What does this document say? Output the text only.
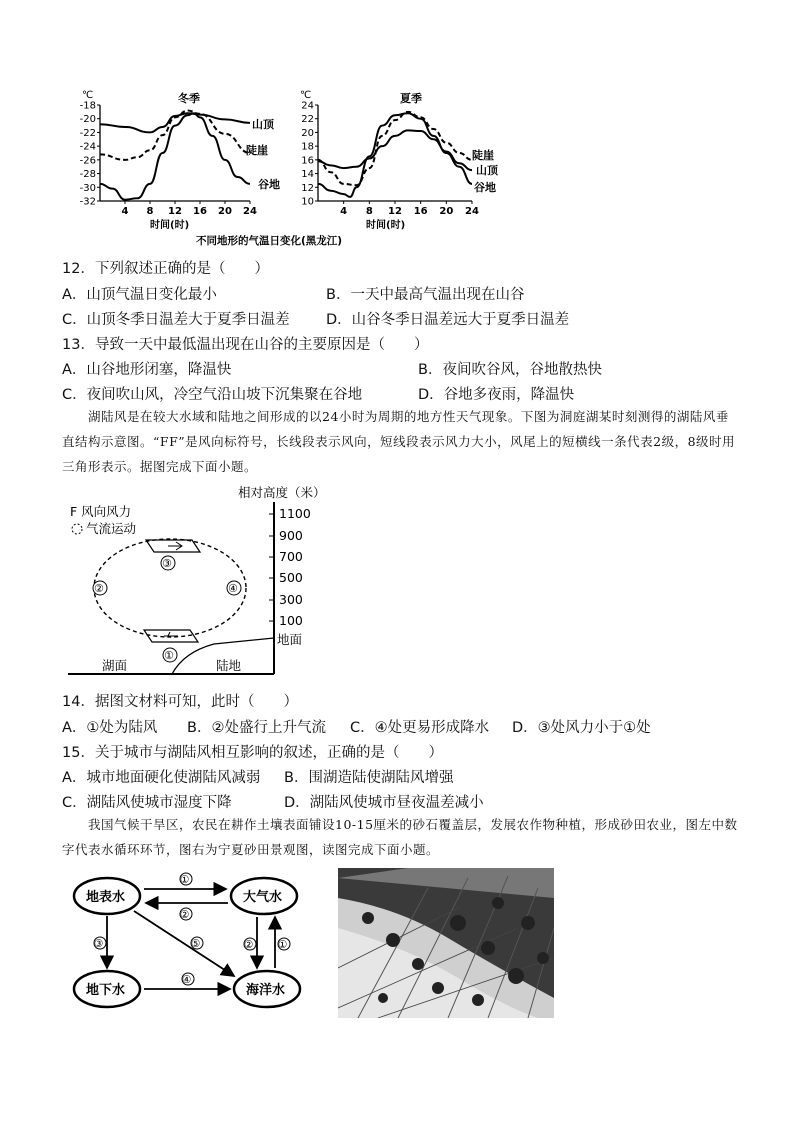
℃	冬季
-18
-20
-22
-24
-26
-28
-30
-32
4 8 12 16 20 24
山顶
陡崖
谷地
时间(时)
℃	夏季
24
22
20
18
16
14
12
10
4 8 12 16 20 24
陡崖
山顶
谷地
时间(时)
不同地形的气温日变化(黑龙江)
12．下列叙述正确的是（　　）
A．山顶气温日变化最小	B．一天中最高气温出现在山谷
C．山顶冬季日温差大于夏季日温差	D．山谷冬季日温差远大于夏季日温差
13．导致一天中最低温出现在山谷的主要原因是（　　）
A．山谷地形闭塞，降温快	B．夜间吹谷风，谷地散热快
C．夜间吹山风，冷空气沿山坡下沉集聚在谷地	D．谷地多夜雨，降温快
湖陆风是在较大水域和陆地之间形成的以24小时为周期的地方性天气现象。下图为洞庭湖某时刻测得的湖陆风垂直结构示意图。“FF”是风向标符号，长线段表示风向，短线段表示风力大小，风尾上的短横线一条代表2级，8级时用三角形表示。据图完成下面小题。
相对高度（米）
1100
900
700
500
300
100
地面
F 风向风力
气流运动
湖面	陆地
③
②	④
①
14．据图文材料可知，此时（　　）
A．①处为陆风 B．②处盛行上升气流 C．④处更易形成降水 D．③处风力小于①处
15．关于城市与湖陆风相互影响的叙述，正确的是（　　）
A．城市地面硬化使湖陆风减弱 B．围湖造陆使湖陆风增强
C．湖陆风使城市湿度下降	D．湖陆风使城市昼夜温差减小
我国气候干旱区，农民在耕作土壤表面铺设10-15厘米的砂石覆盖层，发展农作物种植，形成砂田农业，图左中数字代表水循环环节，图右为宁夏砂田景观图，读图完成下面小题。
地表水	大气水
地下水	海洋水
①
②
③
④
⑤	② ①
